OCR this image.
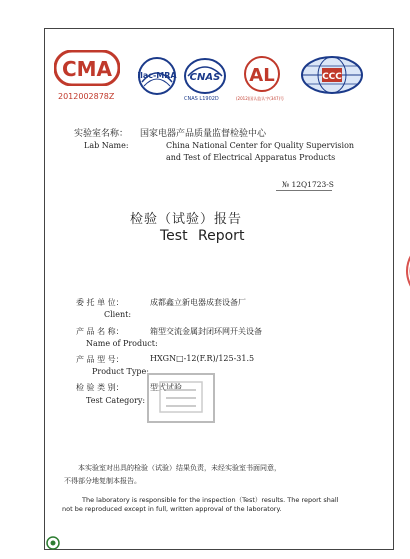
CMA
2012002878Z
ilac-MRA CNAS
CNAS L1902D
AL
(2012)国认监认字(347)号
CCC
实验室名称： 国家电器产品质量监督检验中心
Lab Name:	China National Center for Quality Supervision
and Test of Electrical Apparatus Products
№ 12Q1723-S
检验（试验）报告
Test Report
委 托 单 位：	成都鑫立新电器成套设备厂
Client:
产 品 名 称：	箱型交流金属封闭环网开关设备
Name of Product:
产 品 型 号：	HXGN□-12(F.R)/125-31.5
Product Type:
检 验 类 别：	型式试验
Test Category:
本实验室对出具的检验（试验）结果负责，未经实验室书面同意，
不得部分地复制本报告。
The laboratory is responsible for the inspection（Test）results. The report shall
not be reproduced except in full, written approval of the laboratory.
